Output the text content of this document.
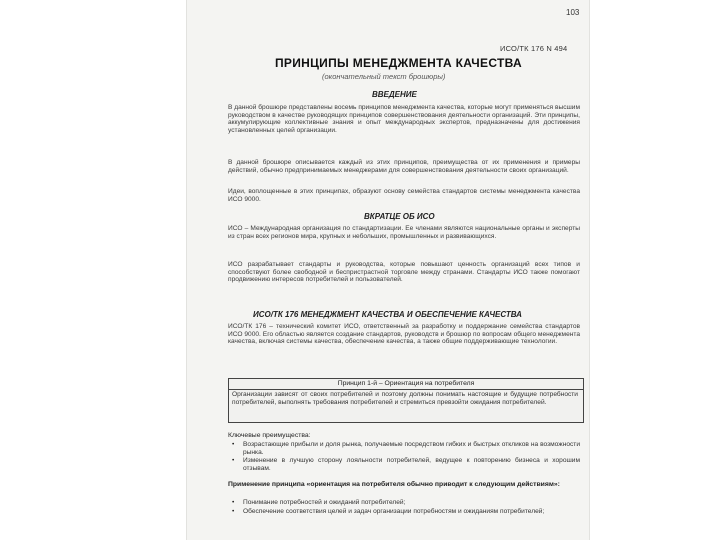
103
ИСО/ТК 176 N 494
ПРИНЦИПЫ МЕНЕДЖМЕНТА КАЧЕСТВА
(окончательный текст брошюры)
ВВЕДЕНИЕ
В данной брошюре представлены восемь принципов менеджмента качества, которые могут применяться высшим руководством в качестве руководящих принципов совершенствования деятельности организаций. Эти принципы, аккумулирующие коллективные знания и опыт международных экспертов, предназначены для достижения установленных целей организации.
В данной брошюре описывается каждый из этих принципов, преимущества от их применения и примеры действий, обычно предпринимаемых менеджерами для совершенствования деятельности своих организаций.
Идеи, воплощенные в этих принципах, образуют основу семейства стандартов системы менеджмента качества ИСО 9000.
ВКРАТЦЕ ОБ ИСО
ИСО – Международная организация по стандартизации. Ее членами являются национальные органы и эксперты из стран всех регионов мира, крупных и небольших, промышленных и развивающихся.
ИСО разрабатывает стандарты и руководства, которые повышают ценность организаций всех типов и способствуют более свободной и беспристрастной торговле между странами. Стандарты ИСО также помогают продвижению интересов потребителей и пользователей.
ИСО/ТК 176 МЕНЕДЖМЕНТ КАЧЕСТВА И ОБЕСПЕЧЕНИЕ КАЧЕСТВА
ИСО/ТК 176 – технический комитет ИСО, ответственный за разработку и поддержание семейства стандартов ИСО 9000. Его областью является создание стандартов, руководств и брошюр по вопросам общего менеджмента качества, включая системы качества, обеспечение качества, а также общие поддерживающие технологии.
Принцип 1-й – Ориентация на потребителя
Организации зависят от своих потребителей и поэтому должны понимать настоящие и будущие потребности потребителей, выполнять требования потребителей и стремиться превзойти ожидания потребителей.
Ключевые преимущества:
• Возрастающие прибыли и доля рынка, получаемые посредством гибких и быстрых откликов на возможности рынка.
• Изменение в лучшую сторону лояльности потребителей, ведущее к повторению бизнеса и хорошим отзывам.
Применение принципа «ориентация на потребителя обычно приводит к следующим действиям»:
• Понимание потребностей и ожиданий потребителей;
• Обеспечение соответствия целей и задач организации потребностям и ожиданиям потребителей;
